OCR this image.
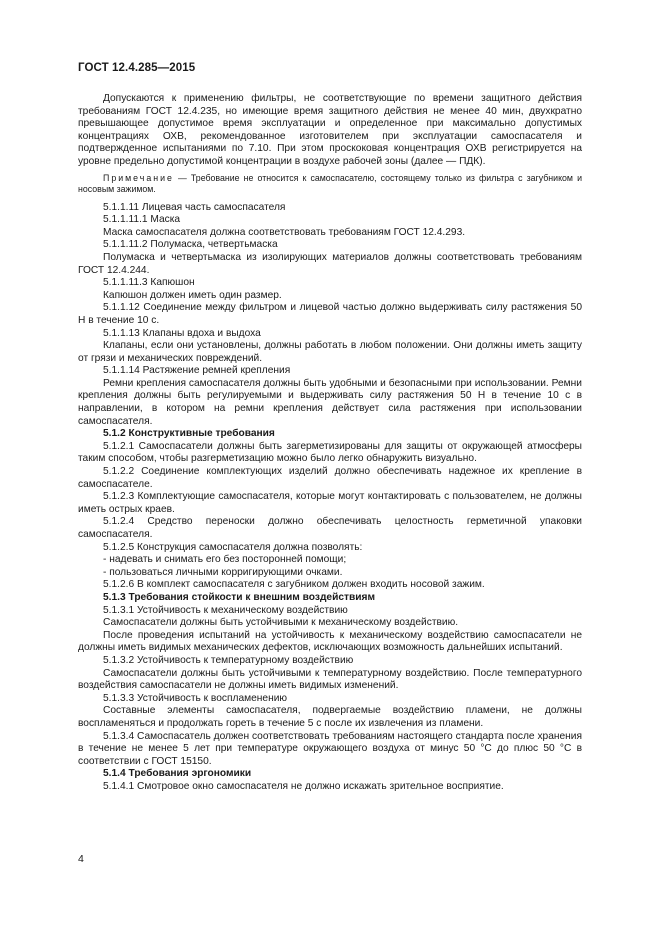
ГОСТ 12.4.285—2015

Допускаются к применению фильтры, не соответствующие по времени защитного действия требованиям ГОСТ 12.4.235, но имеющие время защитного действия не менее 40 мин, двухкратно превышающее допустимое время эксплуатации и определенное при максимально допустимых концентрациях ОХВ, рекомендованное изготовителем при эксплуатации самоспасателя и подтвержденное испытаниями по 7.10. При этом проскоковая концентрация ОХВ регистрируется на уровне предельно допустимой концентрации в воздухе рабочей зоны (далее — ПДК).

Примечание — Требование не относится к самоспасателю, состоящему только из фильтра с загубником и носовым зажимом.

5.1.1.11 Лицевая часть самоспасателя

5.1.1.11.1 Маска

Маска самоспасателя должна соответствовать требованиям ГОСТ 12.4.293.

5.1.1.11.2 Полумаска, четвертьмаска

Полумаска и четвертьмаска из изолирующих материалов должны соответствовать требованиям ГОСТ 12.4.244.

5.1.1.11.3 Капюшон

Капюшон должен иметь один размер.

5.1.1.12 Соединение между фильтром и лицевой частью должно выдерживать силу растяжения 50 Н в течение 10 с.

5.1.1.13 Клапаны вдоха и выдоха

Клапаны, если они установлены, должны работать в любом положении. Они должны иметь защиту от грязи и механических повреждений.

5.1.1.14 Растяжение ремней крепления

Ремни крепления самоспасателя должны быть удобными и безопасными при использовании. Ремни крепления должны быть регулируемыми и выдерживать силу растяжения 50 Н в течение 10 с в направлении, в котором на ремни крепления действует сила растяжения при использовании самоспасателя.

5.1.2 Конструктивные требования

5.1.2.1 Самоспасатели должны быть загерметизированы для защиты от окружающей атмосферы таким способом, чтобы разгерметизацию можно было легко обнаружить визуально.

5.1.2.2 Соединение комплектующих изделий должно обеспечивать надежное их крепление в самоспасателе.

5.1.2.3 Комплектующие самоспасателя, которые могут контактировать с пользователем, не должны иметь острых краев.

5.1.2.4 Средство переноски должно обеспечивать целостность герметичной упаковки самоспасателя.

5.1.2.5 Конструкция самоспасателя должна позволять:

- надевать и снимать его без посторонней помощи;

- пользоваться личными корригирующими очками.

5.1.2.6 В комплект самоспасателя с загубником должен входить носовой зажим.

5.1.3 Требования стойкости к внешним воздействиям

5.1.3.1 Устойчивость к механическому воздействию

Самоспасатели должны быть устойчивыми к механическому воздействию.

После проведения испытаний на устойчивость к механическому воздействию самоспасатели не должны иметь видимых механических дефектов, исключающих возможность дальнейших испытаний.

5.1.3.2 Устойчивость к температурному воздействию

Самоспасатели должны быть устойчивыми к температурному воздействию. После температурного воздействия самоспасатели не должны иметь видимых изменений.

5.1.3.3 Устойчивость к воспламенению

Составные элементы самоспасателя, подвергаемые воздействию пламени, не должны воспламеняться и продолжать гореть в течение 5 с после их извлечения из пламени.

5.1.3.4 Самоспасатель должен соответствовать требованиям настоящего стандарта после хранения в течение не менее 5 лет при температуре окружающего воздуха от минус 50 °C до плюс 50 °C в соответствии с ГОСТ 15150.

5.1.4 Требования эргономики

5.1.4.1 Смотровое окно самоспасателя не должно искажать зрительное восприятие.

4
